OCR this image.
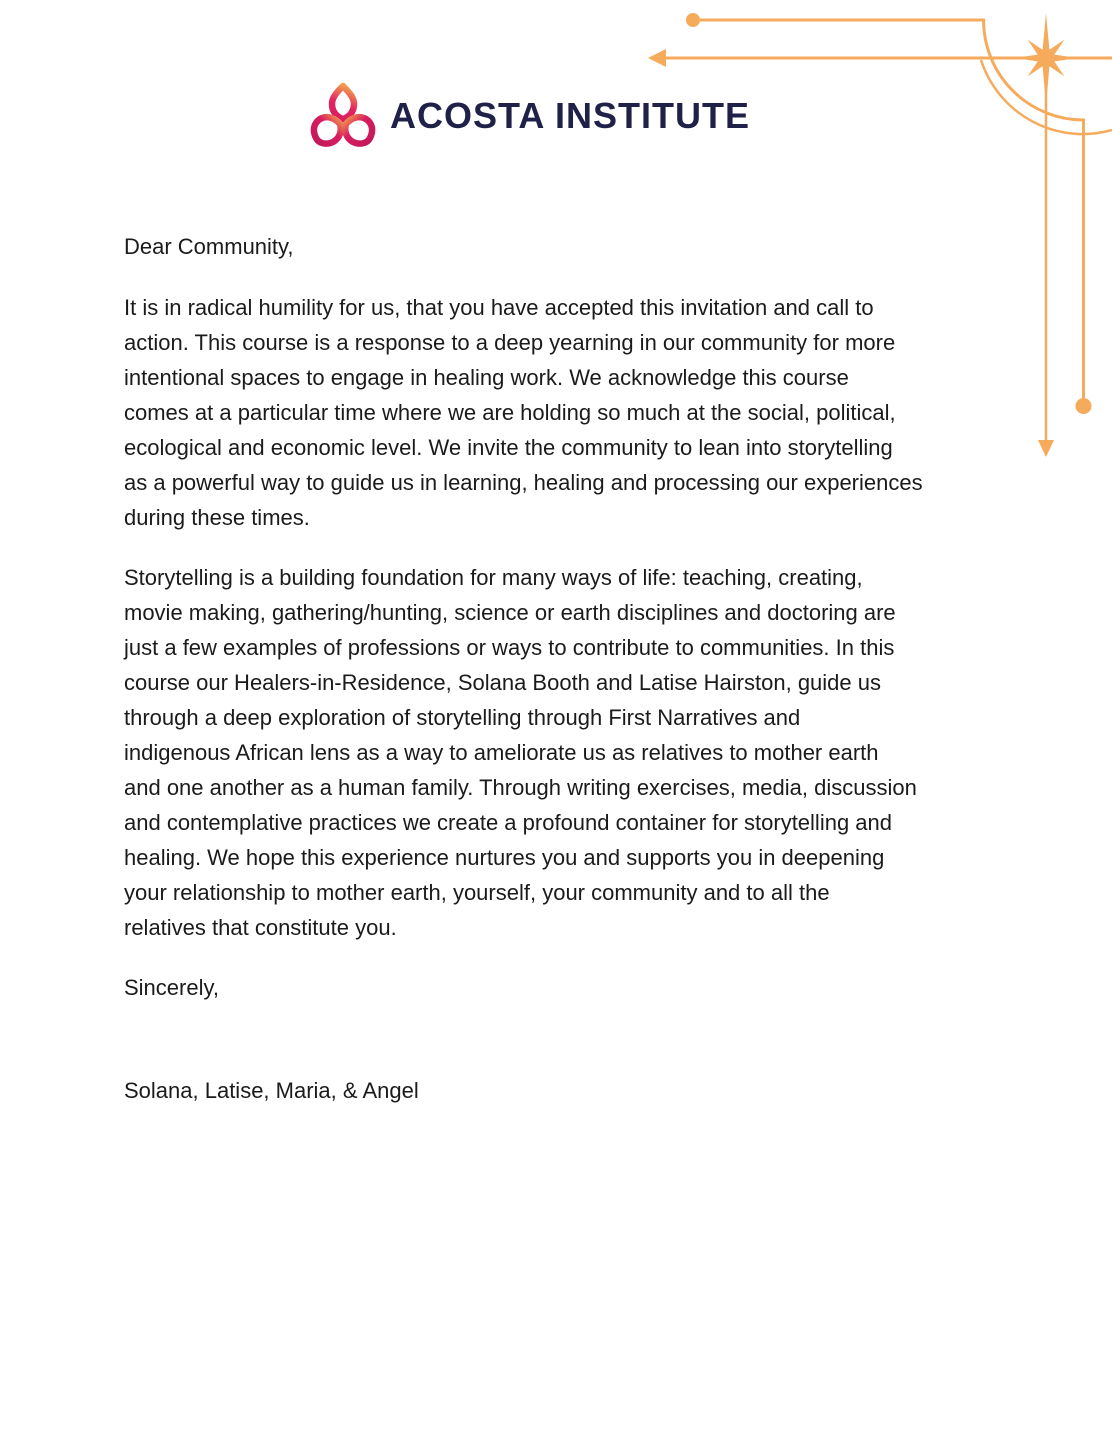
ACOSTA INSTITUTE

Dear Community,

It is in radical humility for us, that you have accepted this invitation and call to
action. This course is a response to a deep yearning in our community for more
intentional spaces to engage in healing work. We acknowledge this course
comes at a particular time where we are holding so much at the social, political,
ecological and economic level. We invite the community to lean into storytelling
as a powerful way to guide us in learning, healing and processing our experiences
during these times.

Storytelling is a building foundation for many ways of life: teaching, creating,
movie making, gathering/hunting, science or earth disciplines and doctoring are
just a few examples of professions or ways to contribute to communities. In this
course our Healers-in-Residence, Solana Booth and Latise Hairston, guide us
through a deep exploration of storytelling through First Narratives and
indigenous African lens as a way to ameliorate us as relatives to mother earth
and one another as a human family. Through writing exercises, media, discussion
and contemplative practices we create a profound container for storytelling and
healing. We hope this experience nurtures you and supports you in deepening
your relationship to mother earth, yourself, your community and to all the
relatives that constitute you.

Sincerely,

Solana, Latise, Maria, & Angel
